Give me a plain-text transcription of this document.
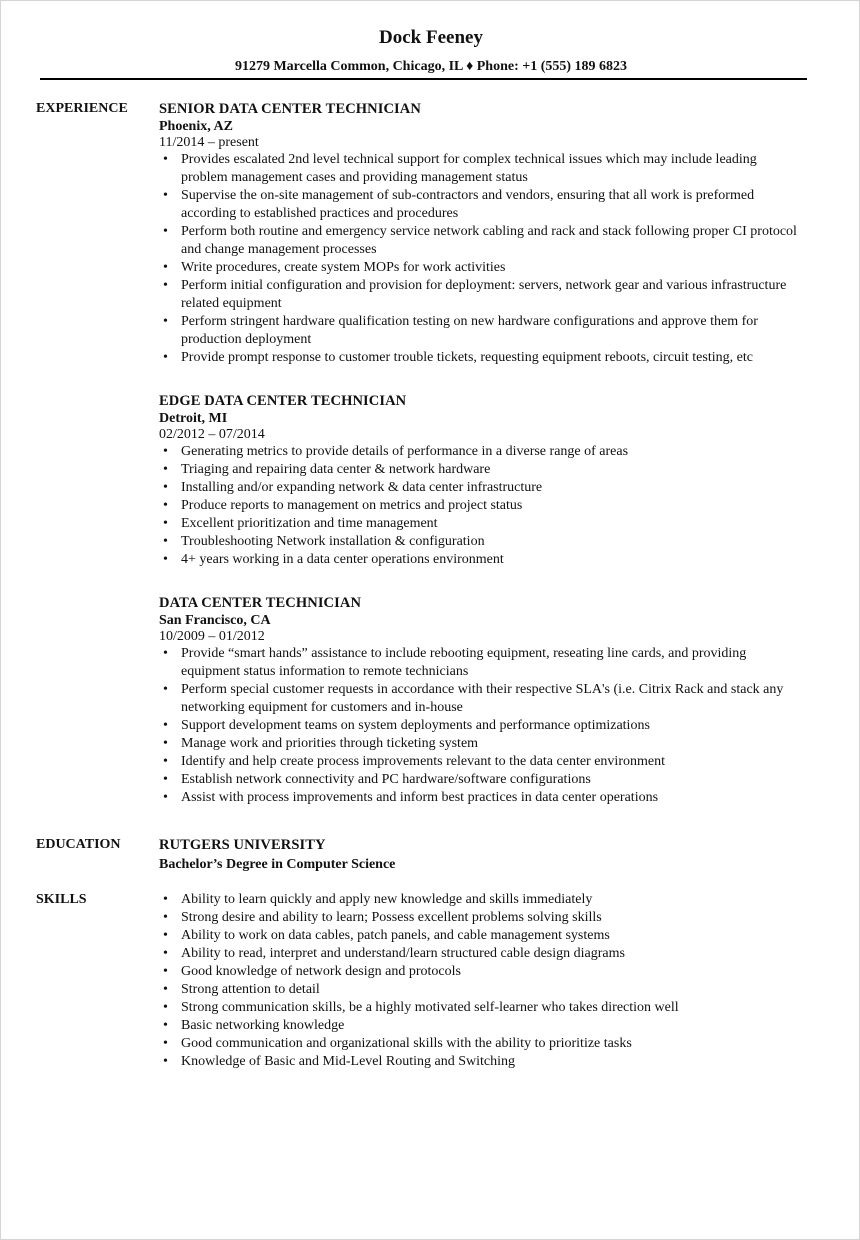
Dock Feeney
91279 Marcella Common, Chicago, IL ♦ Phone: +1 (555) 189 6823
EXPERIENCE SENIOR DATA CENTER TECHNICIAN
Phoenix, AZ
11/2014 – present
• Provides escalated 2nd level technical support for complex technical issues which may include leading problem management cases and providing management status
• Supervise the on-site management of sub-contractors and vendors, ensuring that all work is preformed according to established practices and procedures
• Perform both routine and emergency service network cabling and rack and stack following proper CI protocol and change management processes
• Write procedures, create system MOPs for work activities
• Perform initial configuration and provision for deployment: servers, network gear and various infrastructure related equipment
• Perform stringent hardware qualification testing on new hardware configurations and approve them for production deployment
• Provide prompt response to customer trouble tickets, requesting equipment reboots, circuit testing, etc
EDGE DATA CENTER TECHNICIAN
Detroit, MI
02/2012 – 07/2014
• Generating metrics to provide details of performance in a diverse range of areas
• Triaging and repairing data center & network hardware
• Installing and/or expanding network & data center infrastructure
• Produce reports to management on metrics and project status
• Excellent prioritization and time management
• Troubleshooting Network installation & configuration
• 4+ years working in a data center operations environment
DATA CENTER TECHNICIAN
San Francisco, CA
10/2009 – 01/2012
• Provide “smart hands” assistance to include rebooting equipment, reseating line cards, and providing equipment status information to remote technicians
• Perform special customer requests in accordance with their respective SLA's (i.e. Citrix Rack and stack any networking equipment for customers and in-house
• Support development teams on system deployments and performance optimizations
• Manage work and priorities through ticketing system
• Identify and help create process improvements relevant to the data center environment
• Establish network connectivity and PC hardware/software configurations
• Assist with process improvements and inform best practices in data center operations
EDUCATION	RUTGERS UNIVERSITY
Bachelor’s Degree in Computer Science
SKILLS	• Ability to learn quickly and apply new knowledge and skills immediately
• Strong desire and ability to learn; Possess excellent problems solving skills
• Ability to work on data cables, patch panels, and cable management systems
• Ability to read, interpret and understand/learn structured cable design diagrams
• Good knowledge of network design and protocols
• Strong attention to detail
• Strong communication skills, be a highly motivated self-learner who takes direction well
• Basic networking knowledge
• Good communication and organizational skills with the ability to prioritize tasks
• Knowledge of Basic and Mid-Level Routing and Switching
